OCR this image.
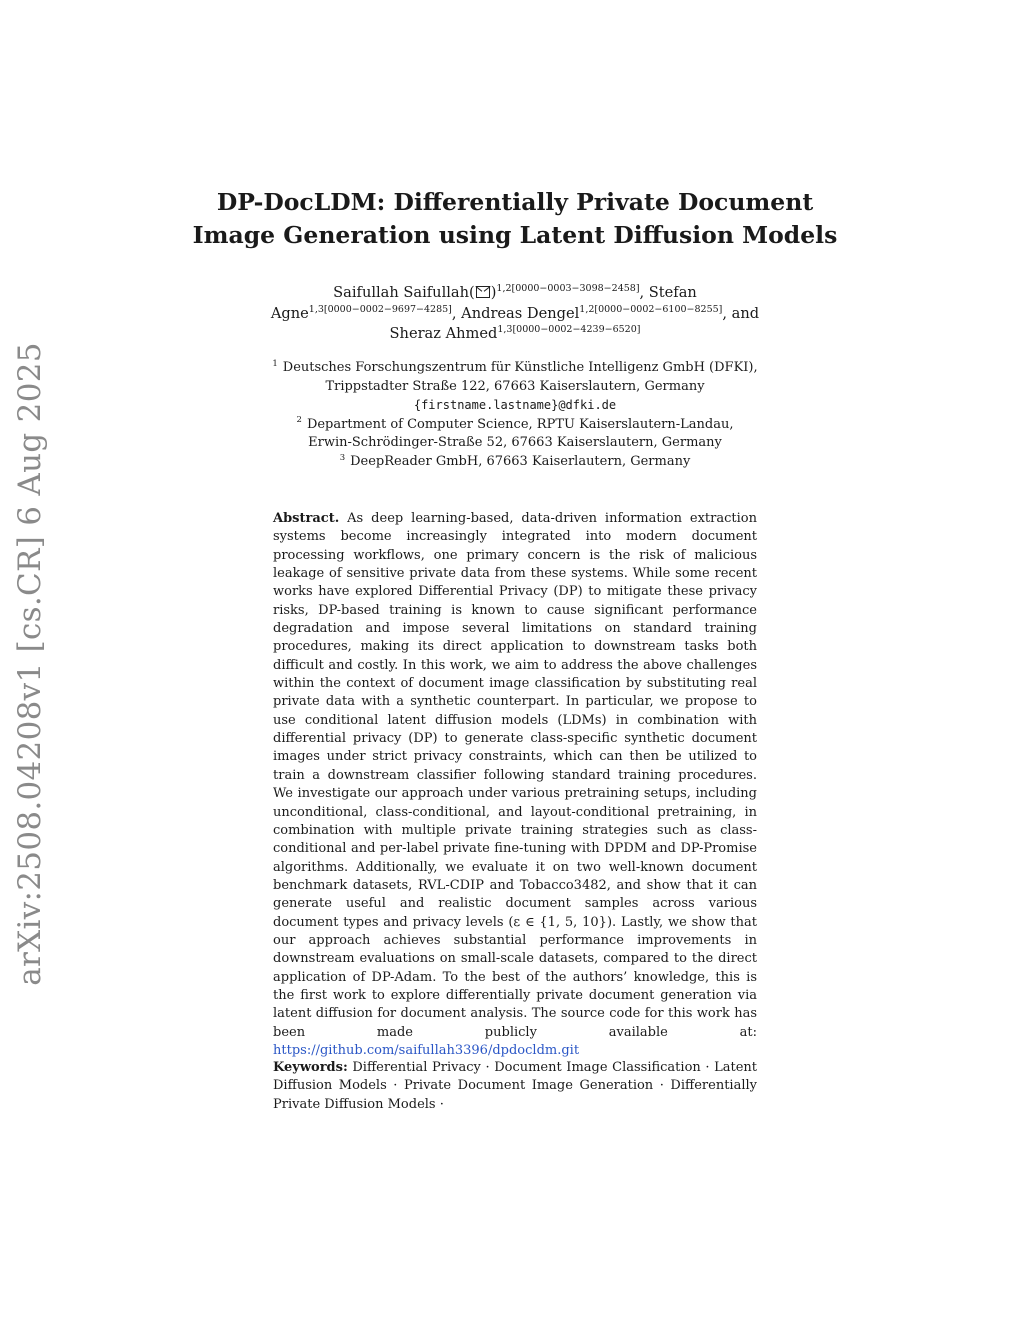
arXiv:2508.04208v1 [cs.CR] 6 Aug 2025
DP-DocLDM: Differentially Private Document
Image Generation using Latent Diffusion Models
Saifullah Saifullah( )$^{1,2[0000-0003-3098-2458]}$, Stefan
Agne$^{1,3[0000-0002-9697-4285]}$, Andreas Dengel$^{1,2[0000-0002-6100-8255]}$, and
Sheraz Ahmed$^{1,3[0000-0002-4239-6520]}$
$^1$ Deutsches Forschungszentrum für Künstliche Intelligenz GmbH (DFKI),
Trippstadter Straße 122, 67663 Kaiserslautern, Germany
{firstname.lastname}@dfki.de
$^2$ Department of Computer Science, RPTU Kaiserslautern-Landau,
Erwin-Schrödinger-Straße 52, 67663 Kaiserslautern, Germany
$^3$ DeepReader GmbH, 67663 Kaiserlautern, Germany
Abstract. As deep learning-based, data-driven information extraction systems become increasingly integrated into modern document processing workflows, one primary concern is the risk of malicious leakage of sensitive private data from these systems. While some recent works have explored Differential Privacy (DP) to mitigate these privacy risks, DP-based training is known to cause significant performance degradation and impose several limitations on standard training procedures, making its direct application to downstream tasks both difficult and costly. In this work, we aim to address the above challenges within the context of document image classification by substituting real private data with a synthetic counterpart. In particular, we propose to use conditional latent diffusion models (LDMs) in combination with differential privacy (DP) to generate class-specific synthetic document images under strict privacy constraints, which can then be utilized to train a downstream classifier following standard training procedures. We investigate our approach under various pretraining setups, including unconditional, class-conditional, and layout-conditional pretraining, in combination with multiple private training strategies such as class-conditional and per-label private fine-tuning with DPDM and DP-Promise algorithms. Additionally, we evaluate it on two well-known document benchmark datasets, RVL-CDIP and Tobacco3482, and show that it can generate useful and realistic document samples across various document types and privacy levels (ε ∈ {1, 5, 10}). Lastly, we show that our approach achieves substantial performance improvements in downstream evaluations on small-scale datasets, compared to the direct application of DP-Adam. To the best of the authors’ knowledge, this is the first work to explore differentially private document generation via latent diffusion for document analysis. The source code for this work has been made publicly available at: https://github.com/saifullah3396/dpdocldm.git
Keywords: Differential Privacy · Document Image Classification · Latent Diffusion Models · Private Document Image Generation · Differentially Private Diffusion Models ·
